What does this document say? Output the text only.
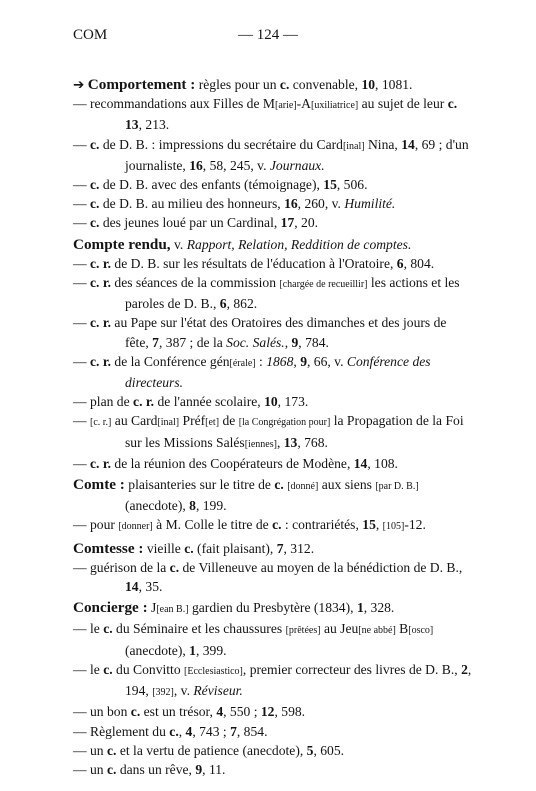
COM	— 124 —

➔ Comportement : règles pour un c. convenable, 10, 1081.

— recommandations aux Filles de M[arie]-A[uxiliatrice] au sujet de leur c. 13, 213.

— c. de D. B. : impressions du secrétaire du Card[inal] Nina, 14, 69 ; d'un journaliste, 16, 58, 245, v. Journaux.

— c. de D. B. avec des enfants (témoignage), 15, 506.

— c. de D. B. au milieu des honneurs, 16, 260, v. Humilité.

— c. des jeunes loué par un Cardinal, 17, 20.

Compte rendu, v. Rapport, Relation, Reddition de comptes.

— c. r. de D. B. sur les résultats de l'éducation à l'Oratoire, 6, 804.

— c. r. des séances de la commission [chargée de recueillir] les actions et les paroles de D. B., 6, 862.

— c. r. au Pape sur l'état des Oratoires des dimanches et des jours de fête, 7, 387 ; de la Soc. Salés., 9, 784.

— c. r. de la Conférence gén[érale] : 1868, 9, 66, v. Conférence des directeurs.

— plan de c. r. de l'année scolaire, 10, 173.

— [c. r.] au Card[inal] Préf[et] de [la Congrégation pour] la Propagation de la Foi sur les Missions Salés[iennes], 13, 768.

— c. r. de la réunion des Coopérateurs de Modène, 14, 108.

Comte : plaisanteries sur le titre de c. [donné] aux siens [par D. B.] (anecdote), 8, 199.

— pour [donner] à M. Colle le titre de c. : contrariétés, 15, [105]-12.

Comtesse : vieille c. (fait plaisant), 7, 312.

— guérison de la c. de Villeneuve au moyen de la bénédiction de D. B., 14, 35.

Concierge : J[ean B.] gardien du Presbytère (1834), 1, 328.

— le c. du Séminaire et les chaussures [prêtées] au Jeu[ne abbé] B[osco] (anecdote), 1, 399.

— le c. du Convitto [Ecclesiastico], premier correcteur des livres de D. B., 2, 194, [392], v. Réviseur.

— un bon c. est un trésor, 4, 550 ; 12, 598.

— Règlement du c., 4, 743 ; 7, 854.

— un c. et la vertu de patience (anecdote), 5, 605.

— un c. dans un rêve, 9, 11.
